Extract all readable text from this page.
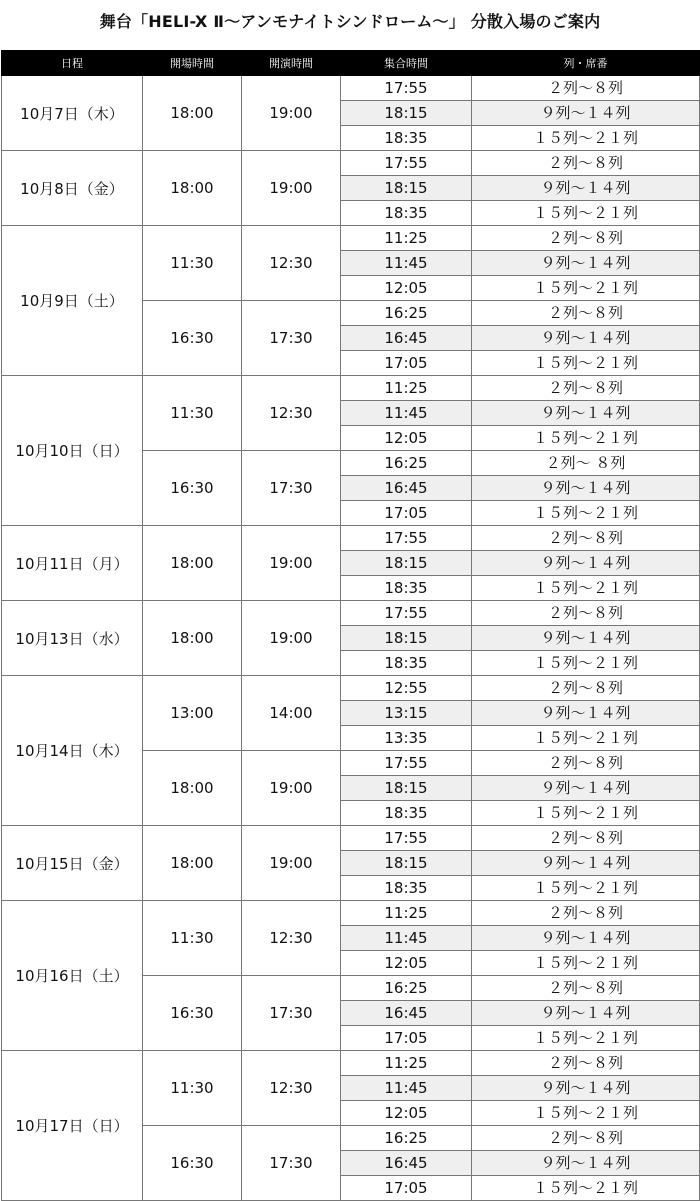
舞台「HELI-X Ⅱ〜アンモナイトシンドローム〜」 分散入場のご案内
日程	開場時間	開演時間	集合時間	列・席番
10月7日（木）	18:00	19:00	17:55	２列〜８列
			18:15	９列〜１４列
			18:35	１５列〜２１列
10月8日（金）	18:00	19:00	17:55	２列〜８列
			18:15	９列〜１４列
			18:35	１５列〜２１列
10月9日（土）	11:30	12:30	11:25	２列〜８列
			11:45	９列〜１４列
			12:05	１５列〜２１列
	16:30	17:30	16:25	２列〜８列
			16:45	９列〜１４列
			17:05	１５列〜２１列
10月10日（日）	11:30	12:30	11:25	２列〜８列
			11:45	９列〜１４列
			12:05	１５列〜２１列
	16:30	17:30	16:25	２列〜 ８列
			16:45	９列〜１４列
			17:05	１５列〜２１列
10月11日（月）	18:00	19:00	17:55	２列〜８列
			18:15	９列〜１４列
			18:35	１５列〜２１列
10月13日（水）	18:00	19:00	17:55	２列〜８列
			18:15	９列〜１４列
			18:35	１５列〜２１列
10月14日（木）	13:00	14:00	12:55	２列〜８列
			13:15	９列〜１４列
			13:35	１５列〜２１列
	18:00	19:00	17:55	２列〜８列
			18:15	９列〜１４列
			18:35	１５列〜２１列
10月15日（金）	18:00	19:00	17:55	２列〜８列
			18:15	９列〜１４列
			18:35	１５列〜２１列
10月16日（土）	11:30	12:30	11:25	２列〜８列
			11:45	９列〜１４列
			12:05	１５列〜２１列
	16:30	17:30	16:25	２列〜８列
			16:45	９列〜１４列
			17:05	１５列〜２１列
10月17日（日）	11:30	12:30	11:25	２列〜８列
			11:45	９列〜１４列
			12:05	１５列〜２１列
	16:30	17:30	16:25	２列〜８列
			16:45	９列〜１４列
			17:05	１５列〜２１列
